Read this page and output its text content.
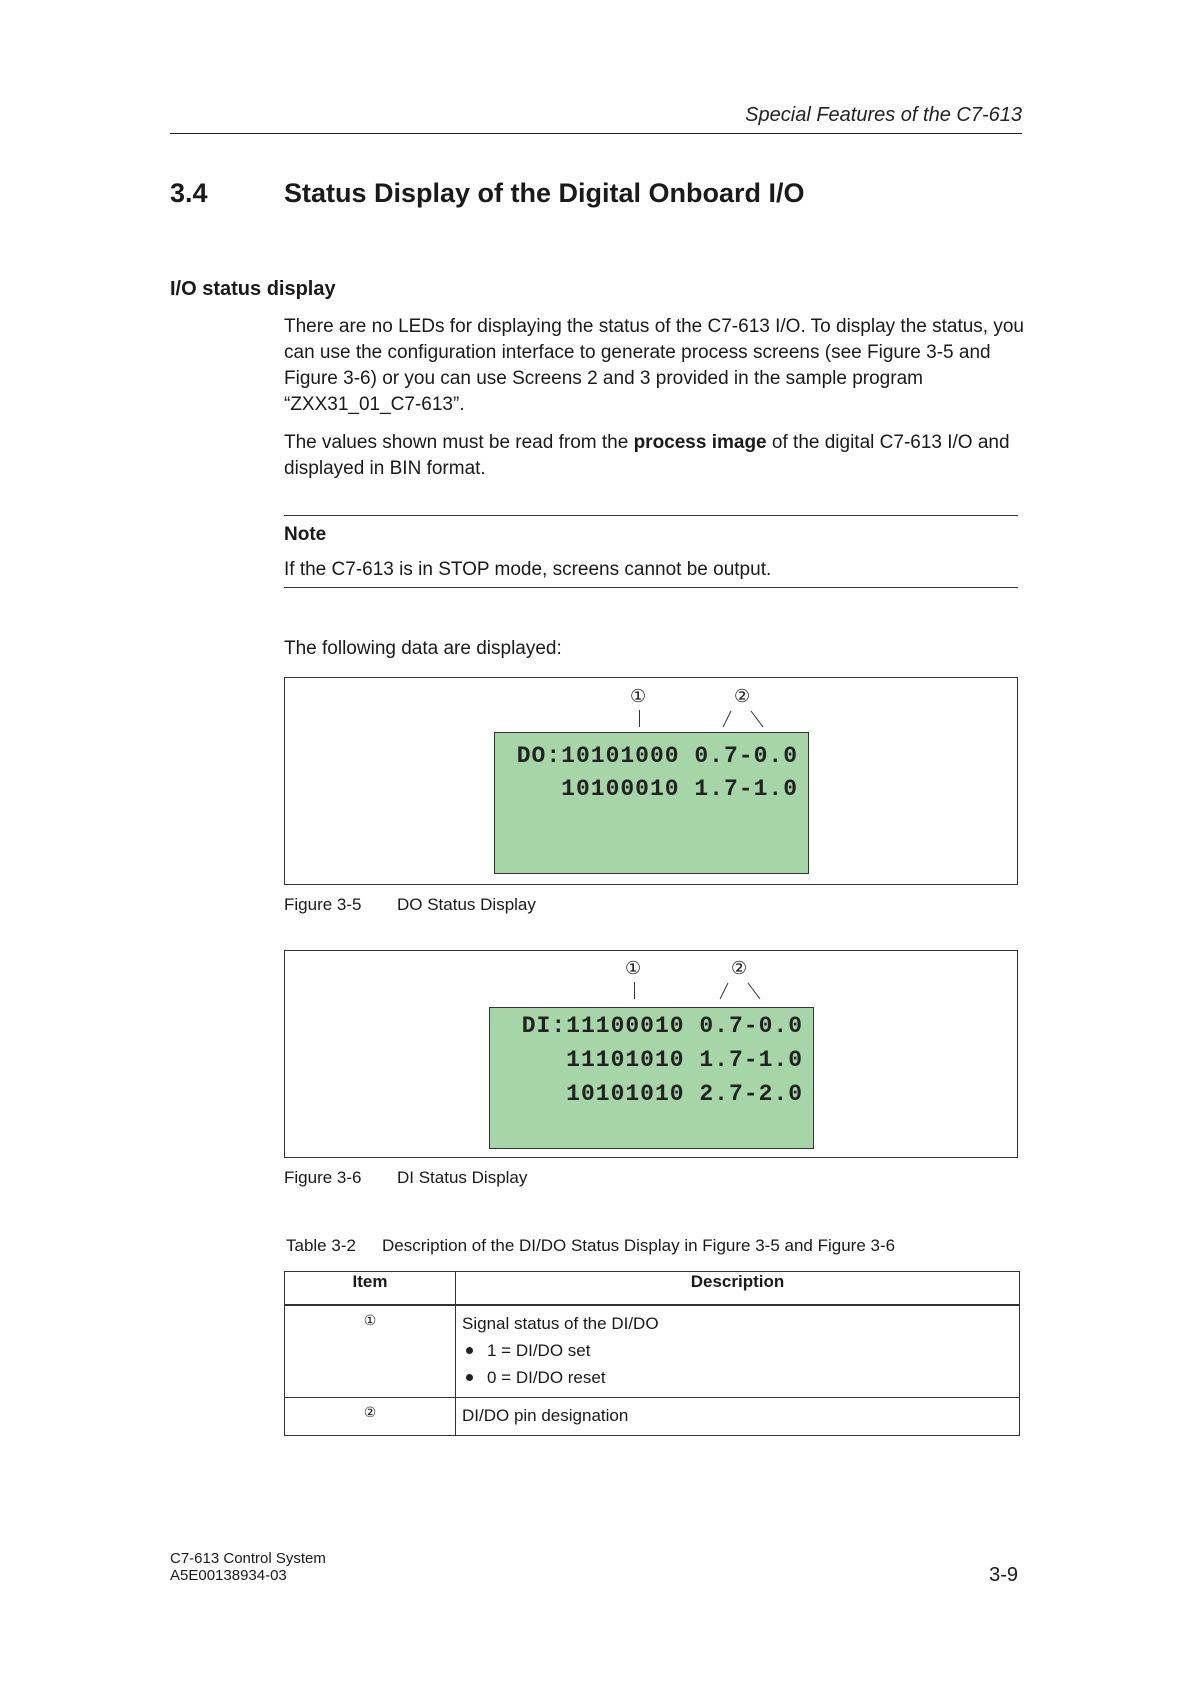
Special Features of the C7-613
3.4	Status Display of the Digital Onboard I/O
I/O status display
There are no LEDs for displaying the status of the C7-613 I/O. To display the status, you can use the configuration interface to generate process screens (see Figure 3-5 and Figure 3-6) or you can use Screens 2 and 3 provided in the sample program “ZXX31_01_C7-613”.
The values shown must be read from the process image of the digital C7-613 I/O and displayed in BIN format.
Note
If the C7-613 is in STOP mode, screens cannot be output.
The following data are displayed:
①	②
DO:10101000 0.7-0.0
10100010 1.7-1.0
Figure 3-5 DO Status Display
①	②
DI:11100010 0.7-0.0
11101010 1.7-1.0
10101010 2.7-2.0
Figure 3-6 DI Status Display
Table 3-2 Description of the DI/DO Status Display in Figure 3-5 and Figure 3-6
Item	Description
①	Signal status of the DI/DO
1 = DI/DO set
0 = DI/DO reset

②	DI/DO pin designation
C7-613 Control System
A5E00138934-03	3-9
